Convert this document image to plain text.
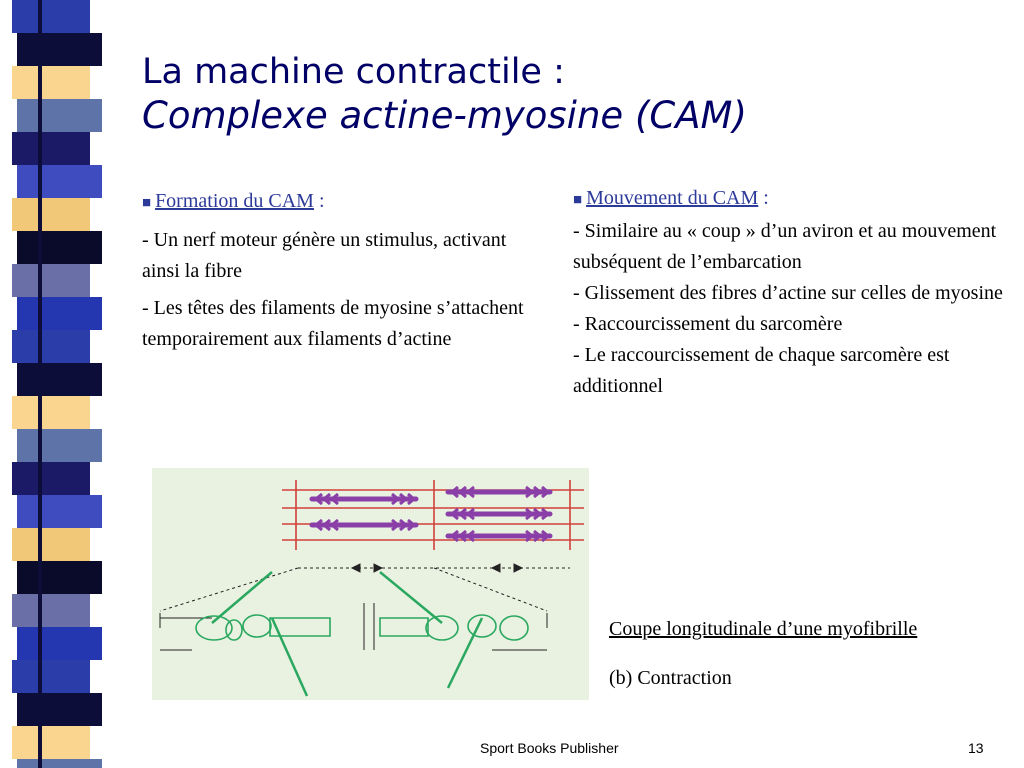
La machine contractile :
Complexe actine-myosine (CAM)

■ Formation du CAM :

- Un nerf moteur génère un stimulus, activant ainsi la fibre

- Les têtes des filaments de myosine s’attachent temporairement aux filaments d’actine

■ Mouvement du CAM :

- Similaire au « coup » d’un aviron et au mouvement subséquent de l’embarcation

- Glissement des fibres d’actine sur celles de myosine

- Raccourcissement du sarcomère

- Le raccourcissement de chaque sarcomère est additionnel

Coupe longitudinale d’une myofibrille
(b) Contraction
Sport Books Publisher	13
